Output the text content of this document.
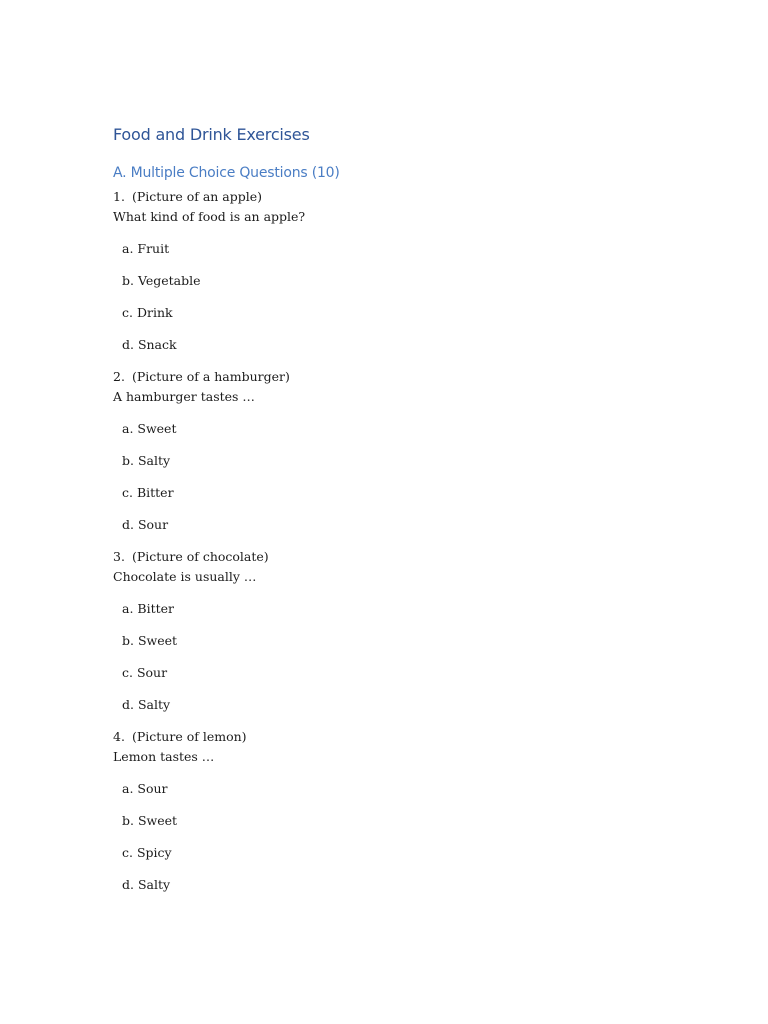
Food and Drink Exercises
A. Multiple Choice Questions (10)
1. (Picture of an apple)
What kind of food is an apple?
a. Fruit
b. Vegetable
c. Drink
d. Snack
2. (Picture of a hamburger)
A hamburger tastes …
a. Sweet
b. Salty
c. Bitter
d. Sour
3. (Picture of chocolate)
Chocolate is usually …
a. Bitter
b. Sweet
c. Sour
d. Salty
4. (Picture of lemon)
Lemon tastes …
a. Sour
b. Sweet
c. Spicy
d. Salty
